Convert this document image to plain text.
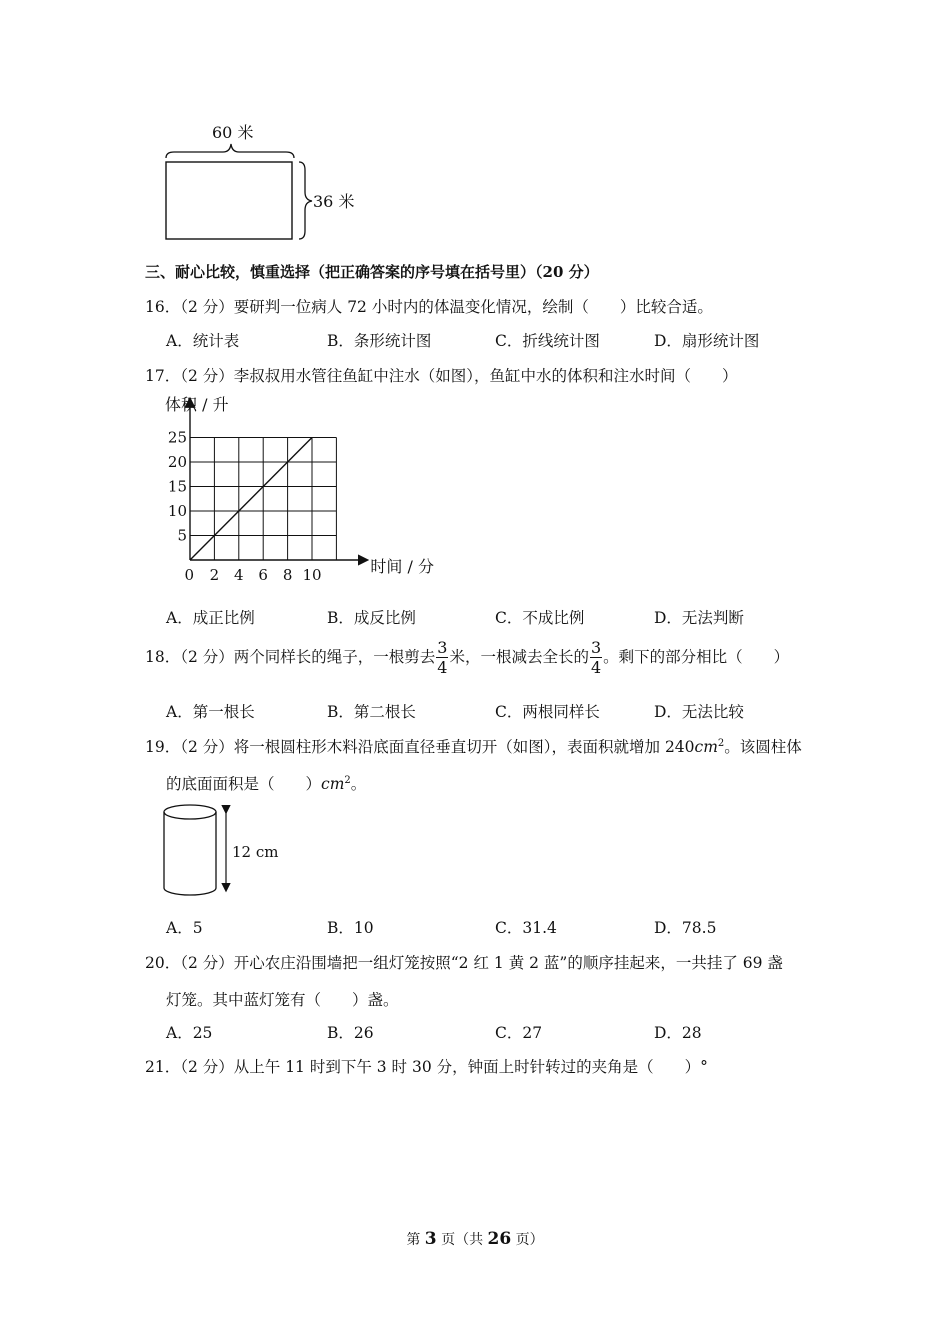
60 米
36 米
三、耐心比较，慎重选择（把正确答案的序号填在括号里）（20 分）
16．（2 分）要研判一位病人 72 小时内的体温变化情况，绘制（　　）比较合适。
A．统计表	B．条形统计图	C．折线统计图	D．扇形统计图
17．（2 分）李叔叔用水管往鱼缸中注水（如图），鱼缸中水的体积和注水时间（　　）
0 2 4 6 8 10
5
10
15
20
25
体积 / 升
时间 / 分
A．成正比例	B．成反比例	C．不成比例	D．无法判断
18．（2 分）两个同样长的绳子，一根剪去 $\frac{3}{4}$ 米，一根减去全长的 $\frac{3}{4}$ 。剩下的部分相比（　　）
A．第一根长	B．第二根长	C．两根同样长	D．无法比较
19．（2 分）将一根圆柱形木料沿底面直径垂直切开（如图），表面积就增加 $240cm^2$。该圆柱体
的底面面积是（　　）$cm^2$。
12 cm
A．5	B．10	C．31.4	D．78.5
20．（2 分）开心农庄沿围墙把一组灯笼按照“2 红 1 黄 2 蓝”的顺序挂起来，一共挂了 69 盏
灯笼。其中蓝灯笼有（　　）盏。
A．25	B．26	C．27	D．28
21．（2 分）从上午 11 时到下午 3 时 30 分，钟面上时针转过的夹角是（　　）°
第 3 页（共 26 页）
